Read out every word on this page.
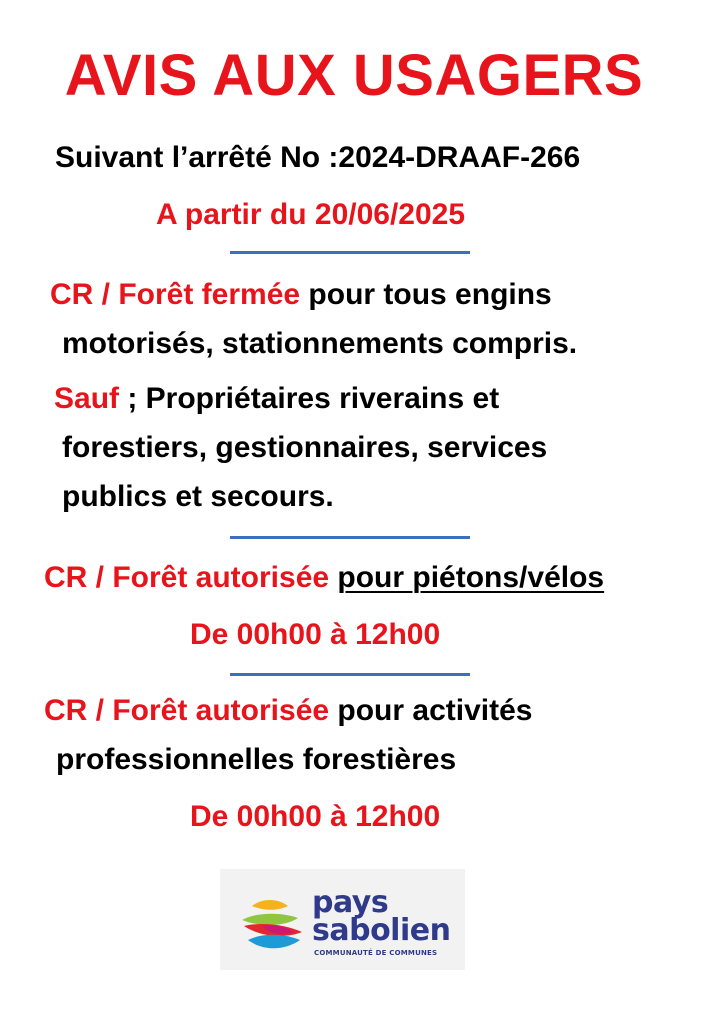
AVIS AUX USAGERS
Suivant l’arrêté No :2024-DRAAF-266
A partir du 20/06/2025
CR / Forêt fermée pour tous engins
motorisés, stationnements compris.
Sauf ; Propriétaires riverains et
forestiers, gestionnaires, services
publics et secours.
CR / Forêt autorisée pour piétons/vélos
De 00h00 à 12h00
CR / Forêt autorisée pour activités
professionnelles forestières
De 00h00 à 12h00
pays
sabolien
COMMUNAUTÉ DE COMMUNES
